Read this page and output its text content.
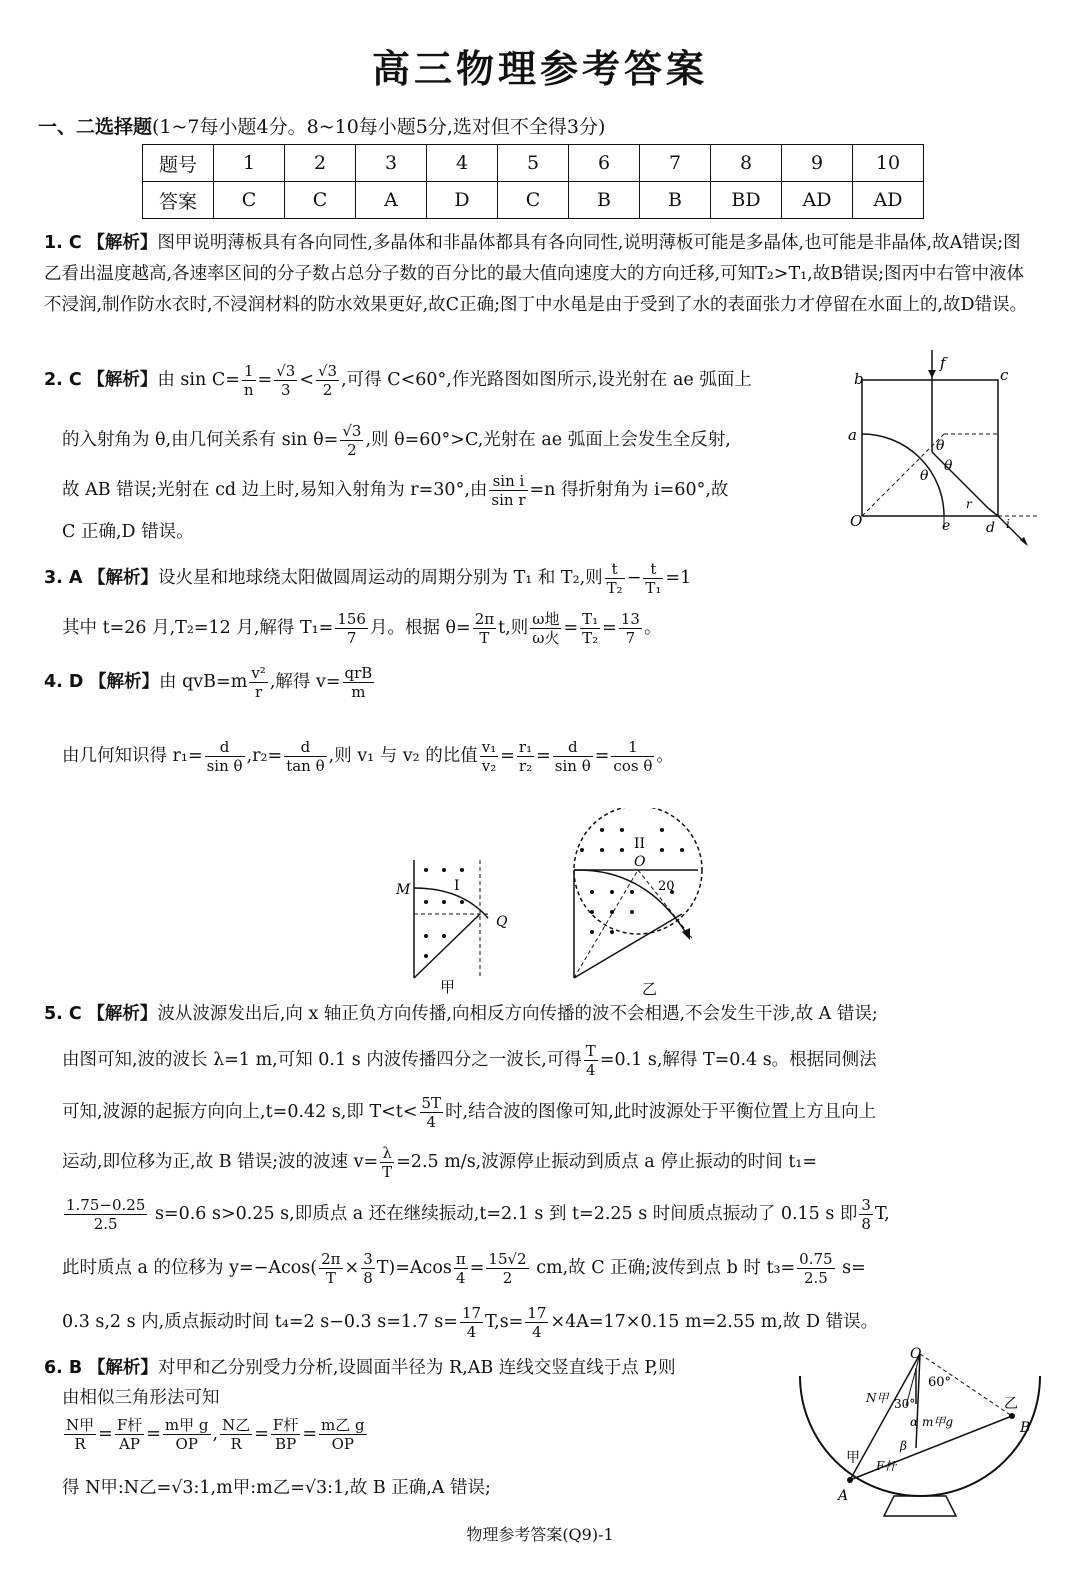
高三物理参考答案
一、二选择题(1~7每小题4分。8~10每小题5分,选对但不全得3分)
题号	1	2	3	4	5	6	7	8	9	10
答案	C	C	A	D	C	B	B	BD	AD	AD
1. C 【解析】图甲说明薄板具有各向同性,多晶体和非晶体都具有各向同性,说明薄板可能是多晶体,也可能是非晶体,故A错误;图乙看出温度越高,各速率区间的分子数占总分子数的百分比的最大值向速度大的方向迁移,可知T₂>T₁,故B错误;图丙中右管中液体不浸润,制作防水衣时,不浸润材料的防水效果更好,故C正确;图丁中水黾是由于受到了水的表面张力才停留在水面上的,故D错误。
2. C 【解析】由 $\sin C= \frac{1}{n} = \frac{√3}{3} < \frac{√3}{2}$ ,可得 C<60°,作光路图如图所示,设光射在 ae 弧面上
的入射角为 θ,由几何关系有 $\sin \theta= \frac{√3}{2}$ ,则 θ=60°>C,光射在 ae 弧面上会发生全反射,
故 AB 错误;光射在 cd 边上时,易知入射角为 r=30°,由 $\frac{\text{sin i}}{\text{sin r}} =n$ 得折射角为 i=60°,故
C 正确,D 错误。
b	c
a
O	e	d
f
θ
θ
θ
r
i
3. A 【解析】设火星和地球绕太阳做圆周运动的周期分别为 T₁ 和 T₂,则 $\frac{t}{\text{T₂}} - \frac{t}{\text{T₁}} =1$
其中 t=26 月,T₂=12 月,解得 $T_1= \frac{156}{7}$ 月。根据 $\theta= \frac{2\pi}{T} t$,则 $\frac{\text{ω地}}{\text{ω火}} = \frac{\text{T₁}}{\text{T₂}} = \frac{13}{7}$ 。
4. D 【解析】由 $qvB=m \frac{\text{v²}}{r}$ ,解得 $v= \frac{\text{qrB}}{m}$
由几何知识得 $r_1= \frac{d}{\text{sin θ}} ,r_2= \frac{d}{\text{tan θ}}$ ,则 v₁ 与 v₂ 的比值 $\frac{\text{v₁}}{\text{v₂}} = \frac{\text{r₁}}{\text{r₂}} = \frac{d}{\text{sin θ}} = \frac{1}{\text{cos θ}}$ 。
M	I
Q
甲
II
O
20
乙
5. C 【解析】波从波源发出后,向 x 轴正负方向传播,向相反方向传播的波不会相遇,不会发生干涉,故 A 错误;
由图可知,波的波长 λ=1 m,可知 0.1 s 内波传播四分之一波长,可得 $\frac{T}{4} =0.1$ s,解得 T=0.4 s。根据同侧法
可知,波源的起振方向向上,t=0.42 s,即 $T<t< \frac{5T}{4}$ 时,结合波的图像可知,此时波源处于平衡位置上方且向上
运动,即位移为正,故 B 错误;波的波速 $v= \frac{\lambda}{T} =2.5$ m/s,波源停止振动到质点 a 停止振动的时间 t₁=
$\frac{1.75-0.25}{2.5} s=0.6$ s>0.25 s,即质点 a 还在继续振动,t=2.1 s 到 t=2.25 s 时间质点振动了 0.15 s 即 $\frac{3}{8} T$,
此时质点 a 的位移为 $y=-Acos( \frac{2\pi}{T} \times \frac{3}{8} T)=Acos \frac{\pi}{4} = \frac{15√2}{2}$ cm,故 C 正确;波传到点 b 时 $t_3= \frac{0.75}{2.5} s=$
0.3 s,2 s 内,质点振动时间 t₄=2 s−0.3 s=1.7 $s= \frac{17}{4} T,s= \frac{17}{4} \times 4A=17\times 0.15$ m=2.55 m,故 D 错误。
6. B 【解析】对甲和乙分别受力分析,设圆面半径为 R,AB 连线交竖直线于点 P,则
由相似三角形法可知
$\frac{\text{N甲}}{R} = \frac{\text{F杆}}{AP} = \frac{\text{m甲 g}}{OP}$ , $\frac{\text{N乙}}{R} = \frac{\text{F杆}}{BP} = \frac{\text{m乙 g}}{OP}$
得 N甲:N乙=√3:1,m甲:m乙=√3:1,故 B 正确,A 错误;
O
A
B
甲
乙
60°
30°
N甲
m甲g
F杆
β
α
物理参考答案(Q9)-1
